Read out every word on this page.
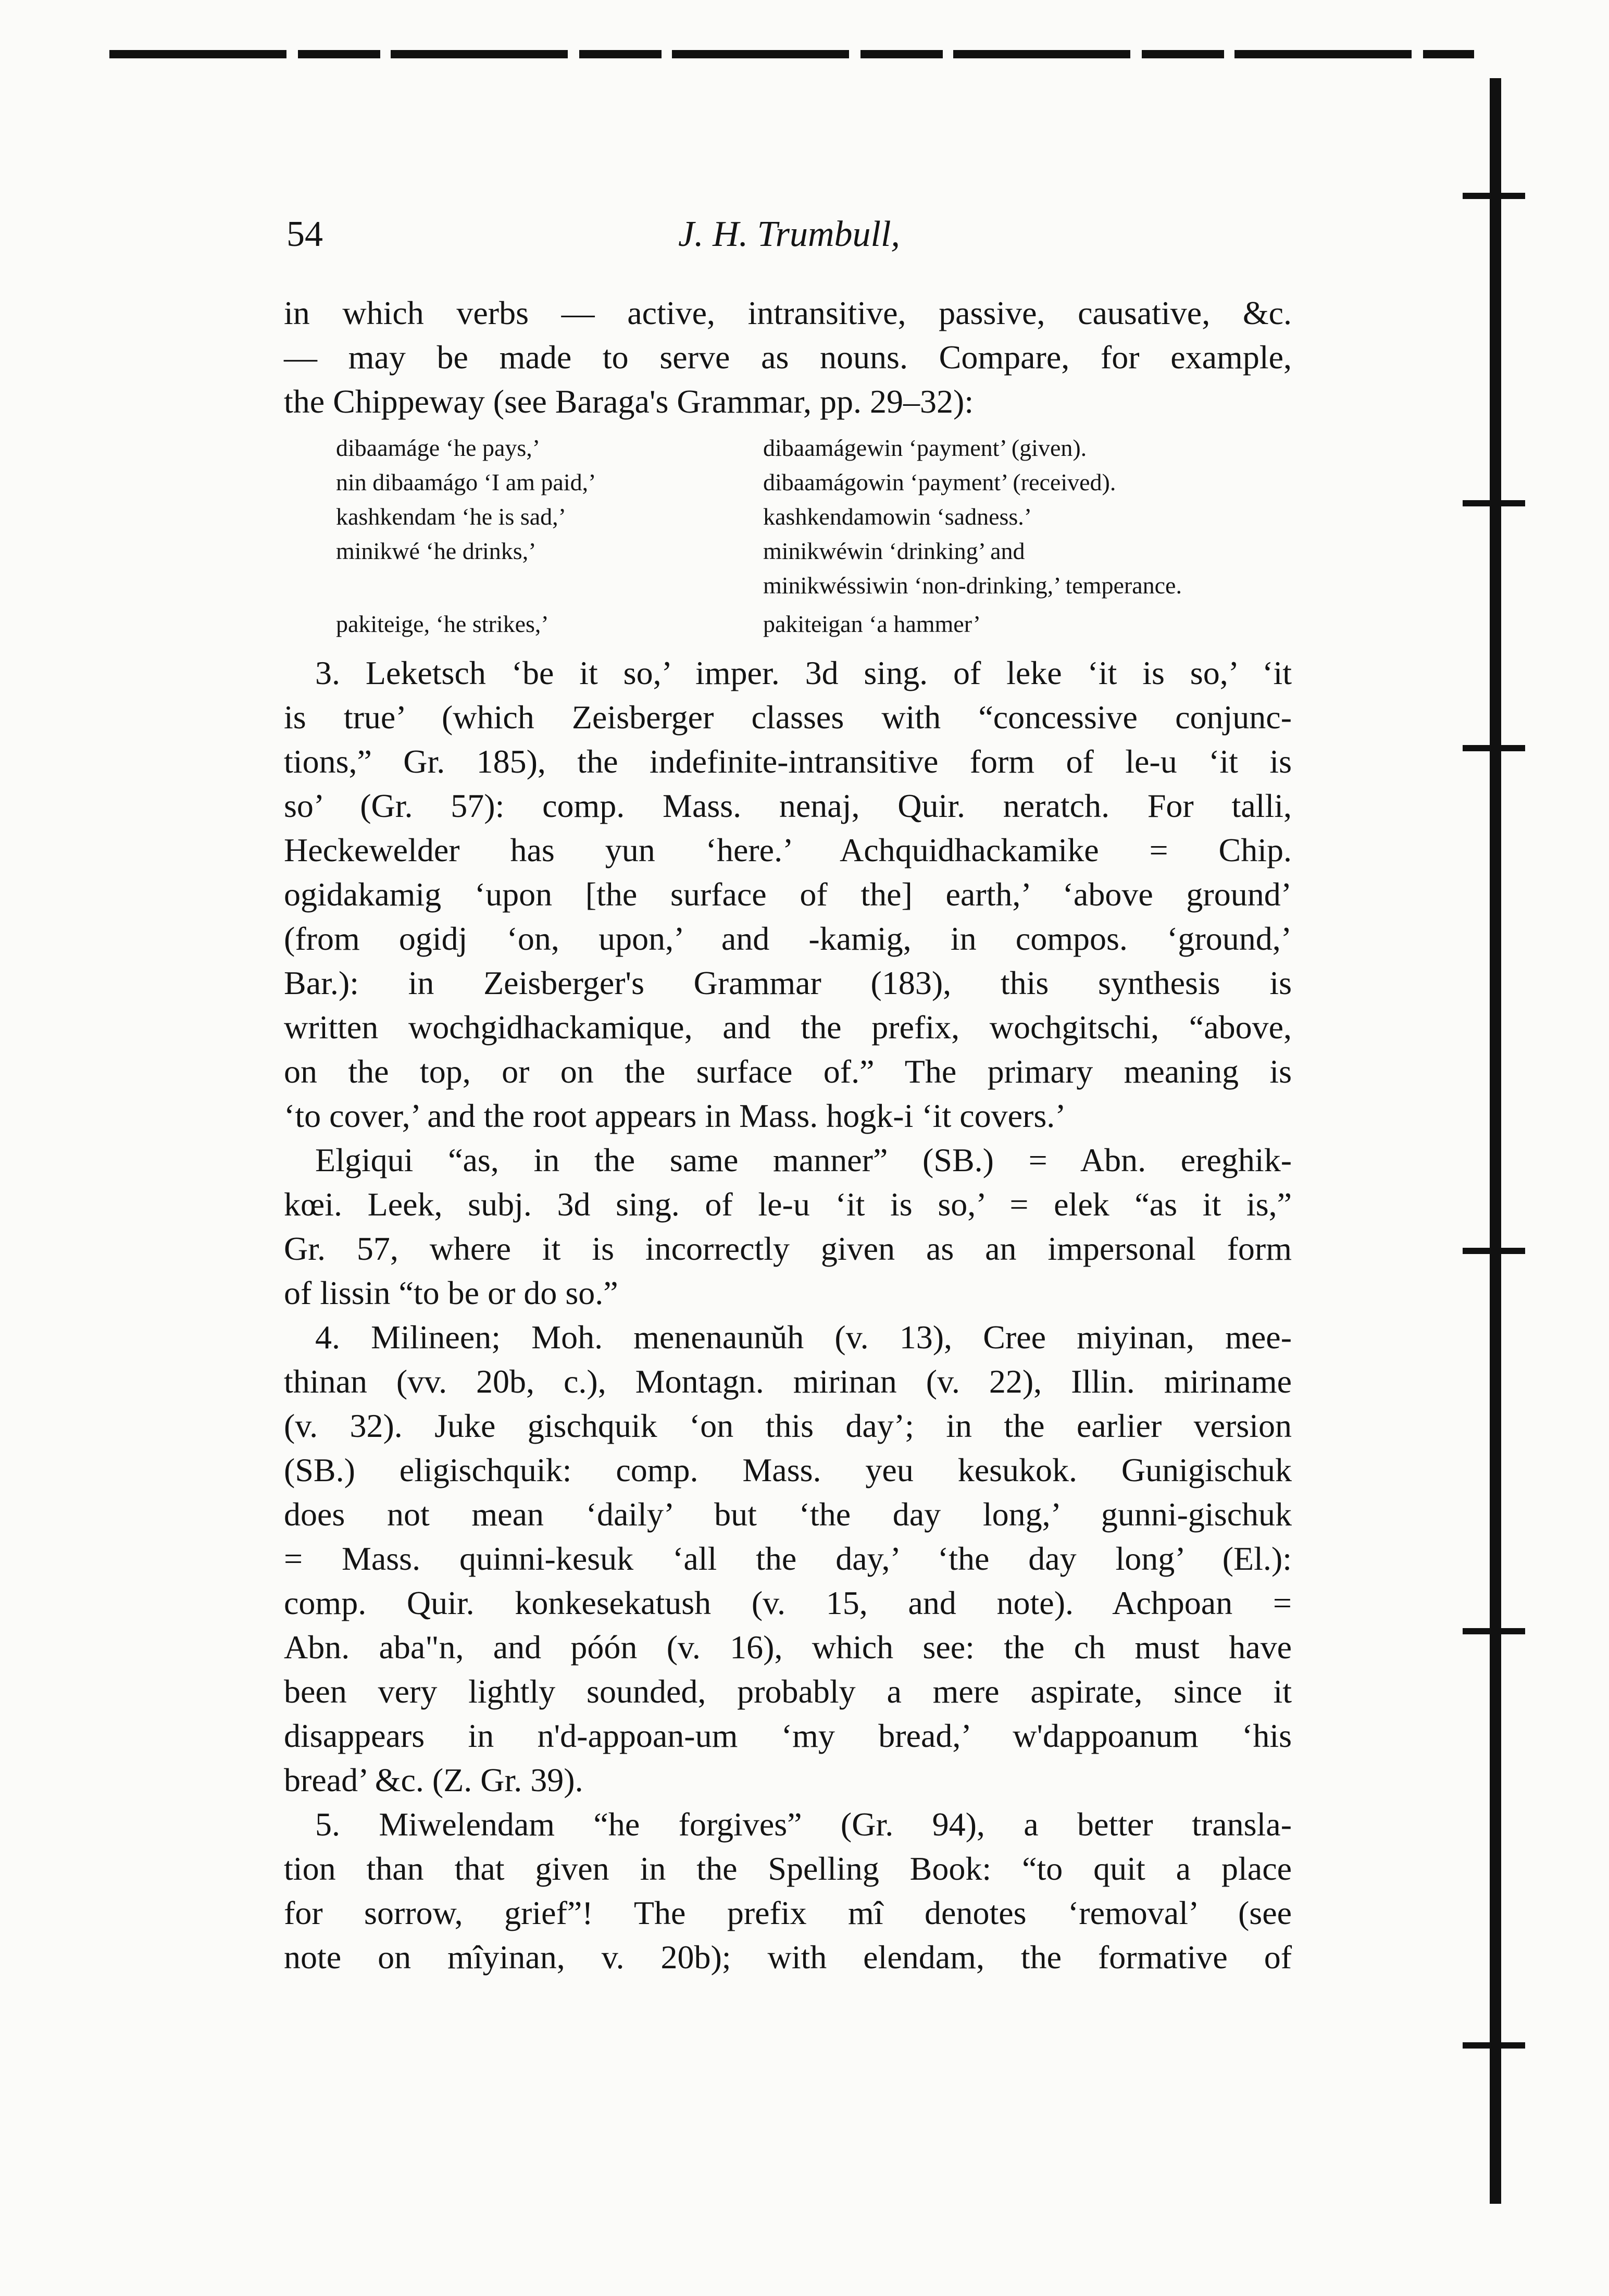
54	J. H. Trumbull,
in which verbs — active, intransitive, passive, causative, &c.
— may be made to serve as nouns. Compare, for example,
the Chippeway (see Baraga's Grammar, pp. 29–32):
dibaamáge ‘he pays,’	dibaamágewin ‘payment’ (given).
nin dibaamágo ‘I am paid,’	dibaamágowin ‘payment’ (received).
kashkendam ‘he is sad,’	kashkendamowin ‘sadness.’
minikwé ‘he drinks,’	minikwéwin ‘drinking’ and
minikwéssiwin ‘non-drinking,’ temperance.
pakiteige, ‘he strikes,’	pakiteigan ‘a hammer’
3. Leketsch ‘be it so,’ imper. 3d sing. of leke ‘it is so,’ ‘it
is true’ (which Zeisberger classes with “concessive conjunc-
tions,” Gr. 185), the indefinite-intransitive form of le-u ‘it is
so’ (Gr. 57): comp. Mass. nenaj, Quir. neratch. For talli,
Heckewelder has yun ‘here.’ Achquidhackamike = Chip.
ogidakamig ‘upon [the surface of the] earth,’ ‘above ground’
(from ogidj ‘on, upon,’ and -kamig, in compos. ‘ground,’
Bar.): in Zeisberger's Grammar (183), this synthesis is
written wochgidhackamique, and the prefix, wochgitschi, “above,
on the top, or on the surface of.” The primary meaning is
‘to cover,’ and the root appears in Mass. hogk-i ‘it covers.’
Elgiqui “as, in the same manner” (SB.) = Abn. ereghik-
kœi. Leek, subj. 3d sing. of le-u ‘it is so,’ = elek “as it is,”
Gr. 57, where it is incorrectly given as an impersonal form
of lissin “to be or do so.”
4. Milineen; Moh. menenaunŭh (v. 13), Cree miyinan, mee-
thinan (vv. 20b, c.), Montagn. mirinan (v. 22), Illin. miriname
(v. 32). Juke gischquik ‘on this day’; in the earlier version
(SB.) eligischquik: comp. Mass. yeu kesukok. Gunigischuk
does not mean ‘daily’ but ‘the day long,’ gunni-gischuk
= Mass. quinni-kesuk ‘all the day,’ ‘the day long’ (El.):
comp. Quir. konkesekatush (v. 15, and note). Achpoan =
Abn. aba"n, and póón (v. 16), which see: the ch must have
been very lightly sounded, probably a mere aspirate, since it
disappears in n'd-appoan-um ‘my bread,’ w'dappoanum ‘his
bread’ &c. (Z. Gr. 39).
5. Miwelendam “he forgives” (Gr. 94), a better transla-
tion than that given in the Spelling Book: “to quit a place
for sorrow, grief”! The prefix mî denotes ‘removal’ (see
note on mîyinan, v. 20b); with elendam, the formative of
